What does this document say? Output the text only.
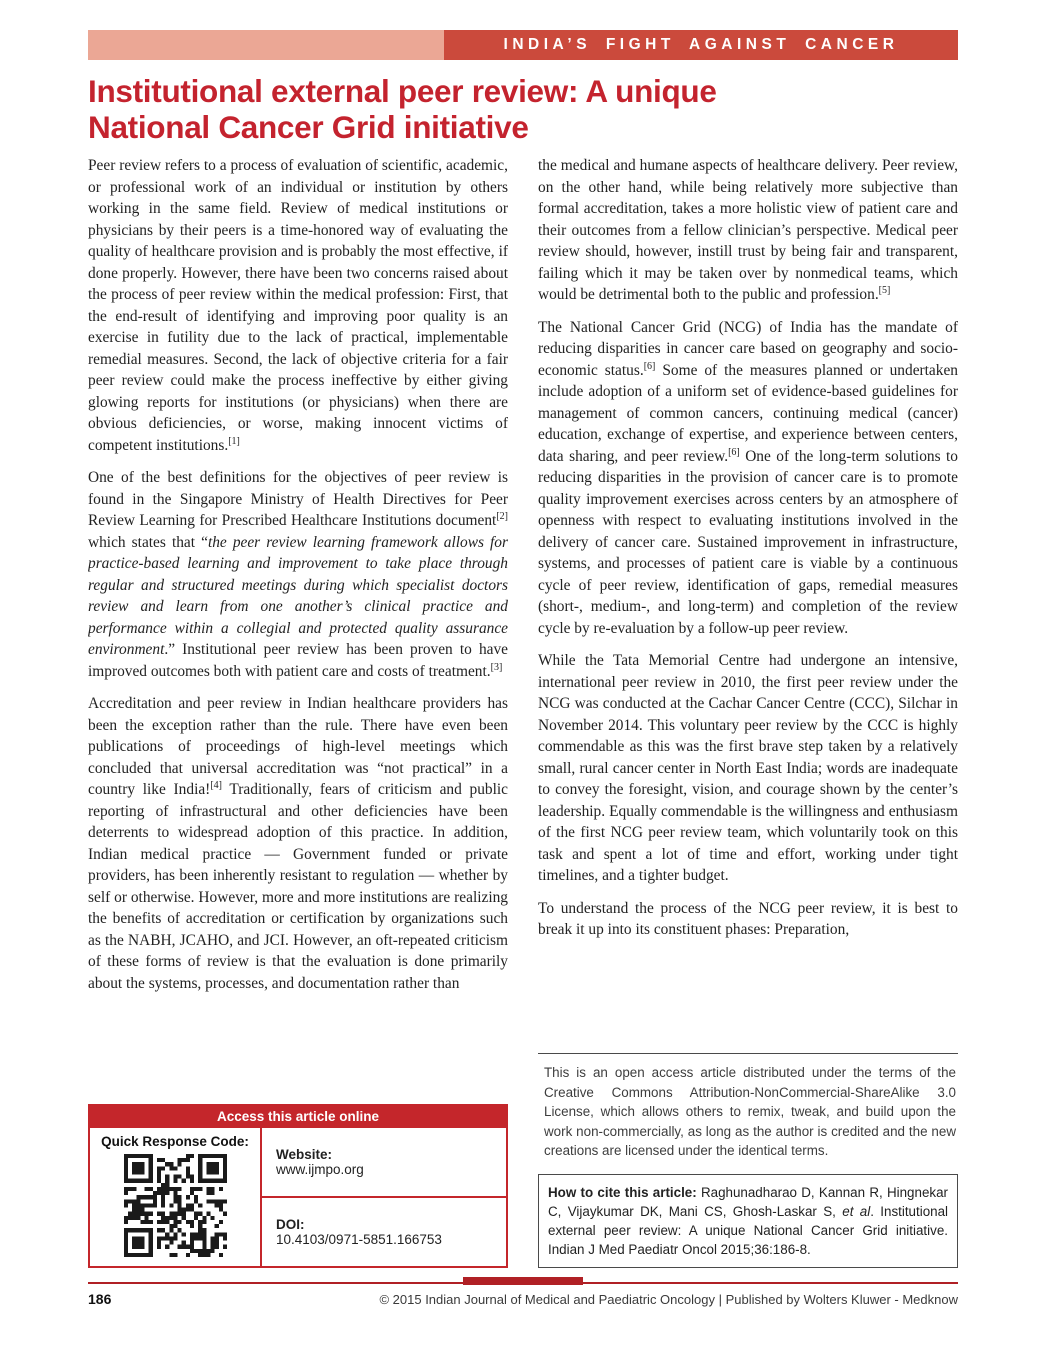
INDIA’S FIGHT AGAINST CANCER
Institutional external peer review: A unique
National Cancer Grid initiative

Peer review refers to a process of evaluation of scientific, academic, or professional work of an individual or institution by others working in the same field. Review of medical institutions or physicians by their peers is a time-honored way of evaluating the quality of healthcare provision and is probably the most effective, if done properly. However, there have been two concerns raised about the process of peer review within the medical profession: First, that the end-result of identifying and improving poor quality is an exercise in futility due to the lack of practical, implementable remedial measures. Second, the lack of objective criteria for a fair peer review could make the process ineffective by either giving glowing reports for institutions (or physicians) when there are obvious deficiencies, or worse, making innocent victims of competent institutions.[1]

One of the best definitions for the objectives of peer review is found in the Singapore Ministry of Health Directives for Peer Review Learning for Prescribed Healthcare Institutions document[2] which states that “the peer review learning framework allows for practice-based learning and improvement to take place through regular and structured meetings during which specialist doctors review and learn from one another’s clinical practice and performance within a collegial and protected quality assurance environment.” Institutional peer review has been proven to have improved outcomes both with patient care and costs of treatment.[3]

Accreditation and peer review in Indian healthcare providers has been the exception rather than the rule. There have even been publications of proceedings of high-level meetings which concluded that universal accreditation was “not practical” in a country like India![4] Traditionally, fears of criticism and public reporting of infrastructural and other deficiencies have been deterrents to widespread adoption of this practice. In addition, Indian medical practice — Government funded or private providers, has been inherently resistant to regulation — whether by self or otherwise. However, more and more institutions are realizing the benefits of accreditation or certification by organizations such as the NABH, JCAHO, and JCI. However, an oft-repeated criticism of these forms of review is that the evaluation is done primarily about the systems, processes, and documentation rather than

Access this article online
Quick Response Code:
Website:
www.ijmpo.org
DOI:
10.4103/0971-5851.166753

the medical and humane aspects of healthcare delivery. Peer review, on the other hand, while being relatively more subjective than formal accreditation, takes a more holistic view of patient care and their outcomes from a fellow clinician’s perspective. Medical peer review should, however, instill trust by being fair and transparent, failing which it may be taken over by nonmedical teams, which would be detrimental both to the public and profession.[5]

The National Cancer Grid (NCG) of India has the mandate of reducing disparities in cancer care based on geography and socio-economic status.[6] Some of the measures planned or undertaken include adoption of a uniform set of evidence-based guidelines for management of common cancers, continuing medical (cancer) education, exchange of expertise, and experience between centers, data sharing, and peer review.[6] One of the long-term solutions to reducing disparities in the provision of cancer care is to promote quality improvement exercises across centers by an atmosphere of openness with respect to evaluating institutions involved in the delivery of cancer care. Sustained improvement in infrastructure, systems, and processes of patient care is viable by a continuous cycle of peer review, identification of gaps, remedial measures (short-, medium-, and long-term) and completion of the review cycle by re-evaluation by a follow-up peer review.

While the Tata Memorial Centre had undergone an intensive, international peer review in 2010, the first peer review under the NCG was conducted at the Cachar Cancer Centre (CCC), Silchar in November 2014. This voluntary peer review by the CCC is highly commendable as this was the first brave step taken by a relatively small, rural cancer center in North East India; words are inadequate to convey the foresight, vision, and courage shown by the center’s leadership. Equally commendable is the willingness and enthusiasm of the first NCG peer review team, which voluntarily took on this task and spent a lot of time and effort, working under tight timelines, and a tighter budget.

To understand the process of the NCG peer review, it is best to break it up into its constituent phases: Preparation,

This is an open access article distributed under the terms of the Creative Commons Attribution-NonCommercial-ShareAlike 3.0 License, which allows others to remix, tweak, and build upon the work non-commercially, as long as the author is credited and the new creations are licensed under the identical terms.
How to cite this article: Raghunadharao D, Kannan R, Hingnekar C, Vijaykumar DK, Mani CS, Ghosh-Laskar S, et al. Institutional external peer review: A unique National Cancer Grid initiative. Indian J Med Paediatr Oncol 2015;36:186-8.
186	© 2015 Indian Journal of Medical and Paediatric Oncology | Published by Wolters Kluwer - Medknow
